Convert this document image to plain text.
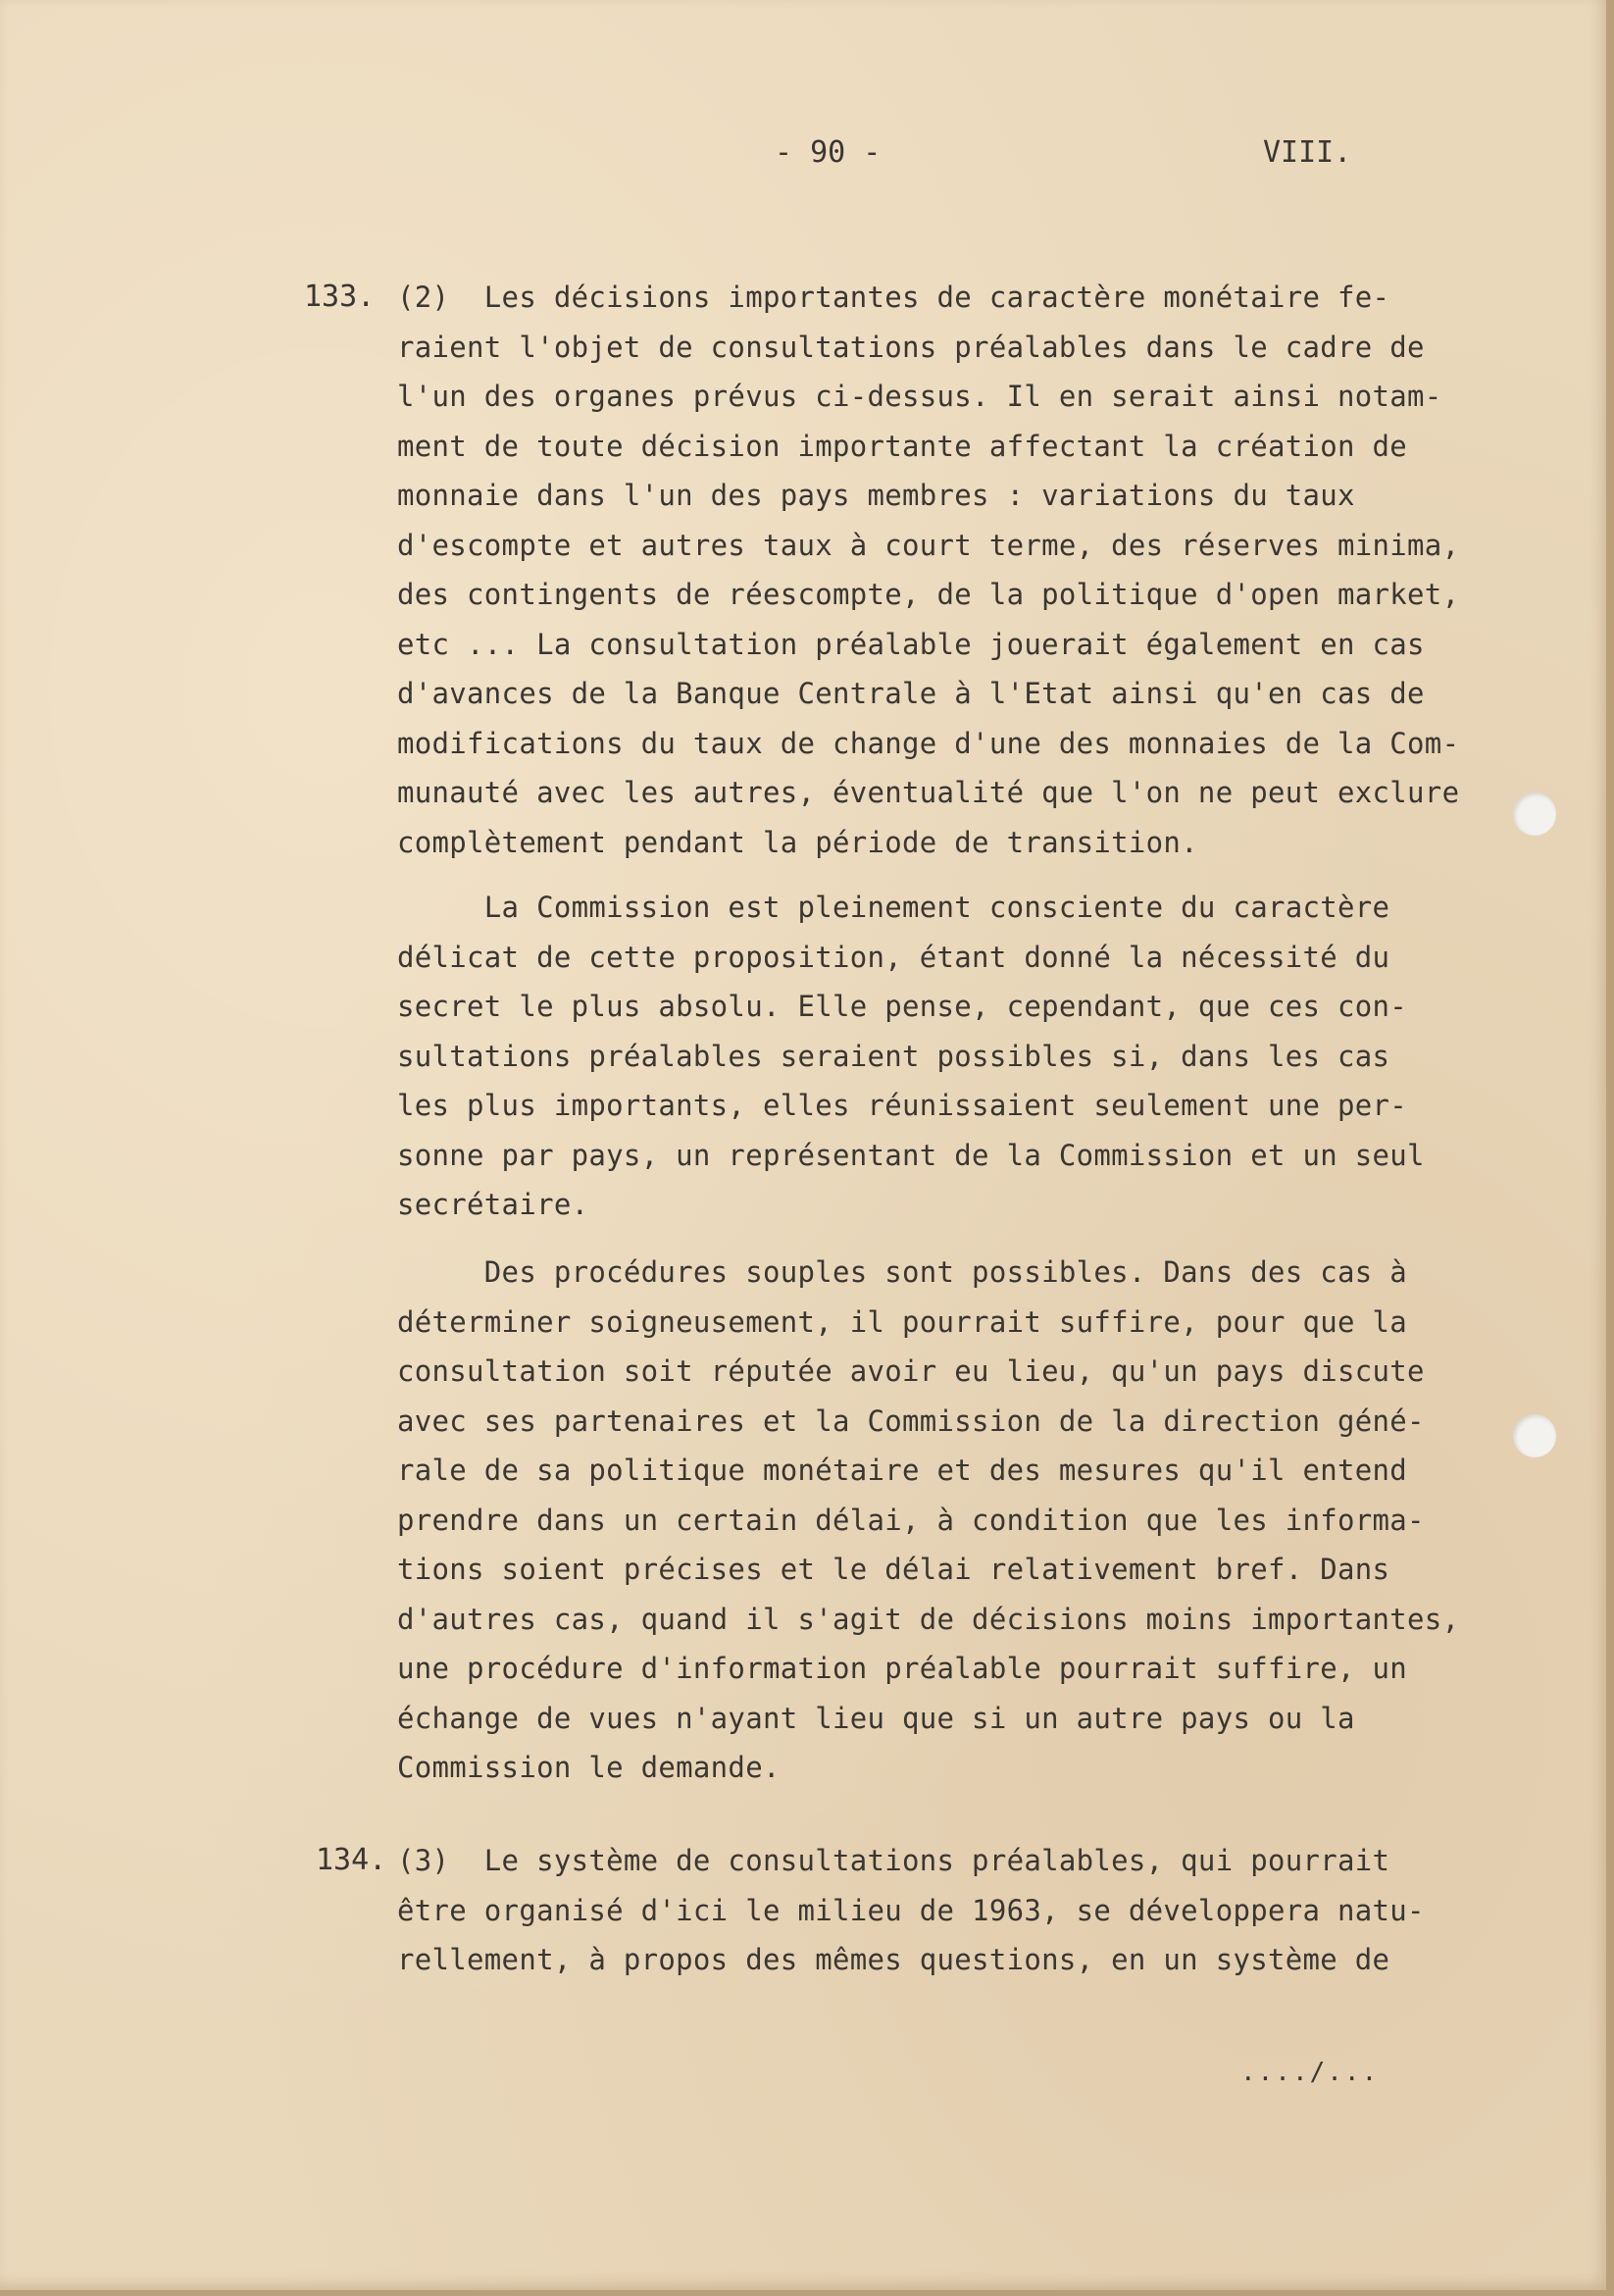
- 90 -	VIII.
133. (2)  Les décisions importantes de caractère monétaire fe-
raient l'objet de consultations préalables dans le cadre de
l'un des organes prévus ci-dessus. Il en serait ainsi notam-
ment de toute décision importante affectant la création de
monnaie dans l'un des pays membres : variations du taux
d'escompte et autres taux à court terme, des réserves minima,
des contingents de réescompte, de la politique d'open market,
etc ... La consultation préalable jouerait également en cas
d'avances de la Banque Centrale à l'Etat ainsi qu'en cas de
modifications du taux de change d'une des monnaies de la Com-
munauté avec les autres, éventualité que l'on ne peut exclure
complètement pendant la période de transition.
La Commission est pleinement consciente du caractère
délicat de cette proposition, étant donné la nécessité du
secret le plus absolu. Elle pense, cependant, que ces con-
sultations préalables seraient possibles si, dans les cas
les plus importants, elles réunissaient seulement une per-
sonne par pays, un représentant de la Commission et un seul
secrétaire.
Des procédures souples sont possibles. Dans des cas à
déterminer soigneusement, il pourrait suffire, pour que la
consultation soit réputée avoir eu lieu, qu'un pays discute
avec ses partenaires et la Commission de la direction géné-
rale de sa politique monétaire et des mesures qu'il entend
prendre dans un certain délai, à condition que les informa-
tions soient précises et le délai relativement bref. Dans
d'autres cas, quand il s'agit de décisions moins importantes,
une procédure d'information préalable pourrait suffire, un
échange de vues n'ayant lieu que si un autre pays ou la
Commission le demande.
134. (3)  Le système de consultations préalables, qui pourrait
être organisé d'ici le milieu de 1963, se développera natu-
rellement, à propos des mêmes questions, en un système de
..../...
